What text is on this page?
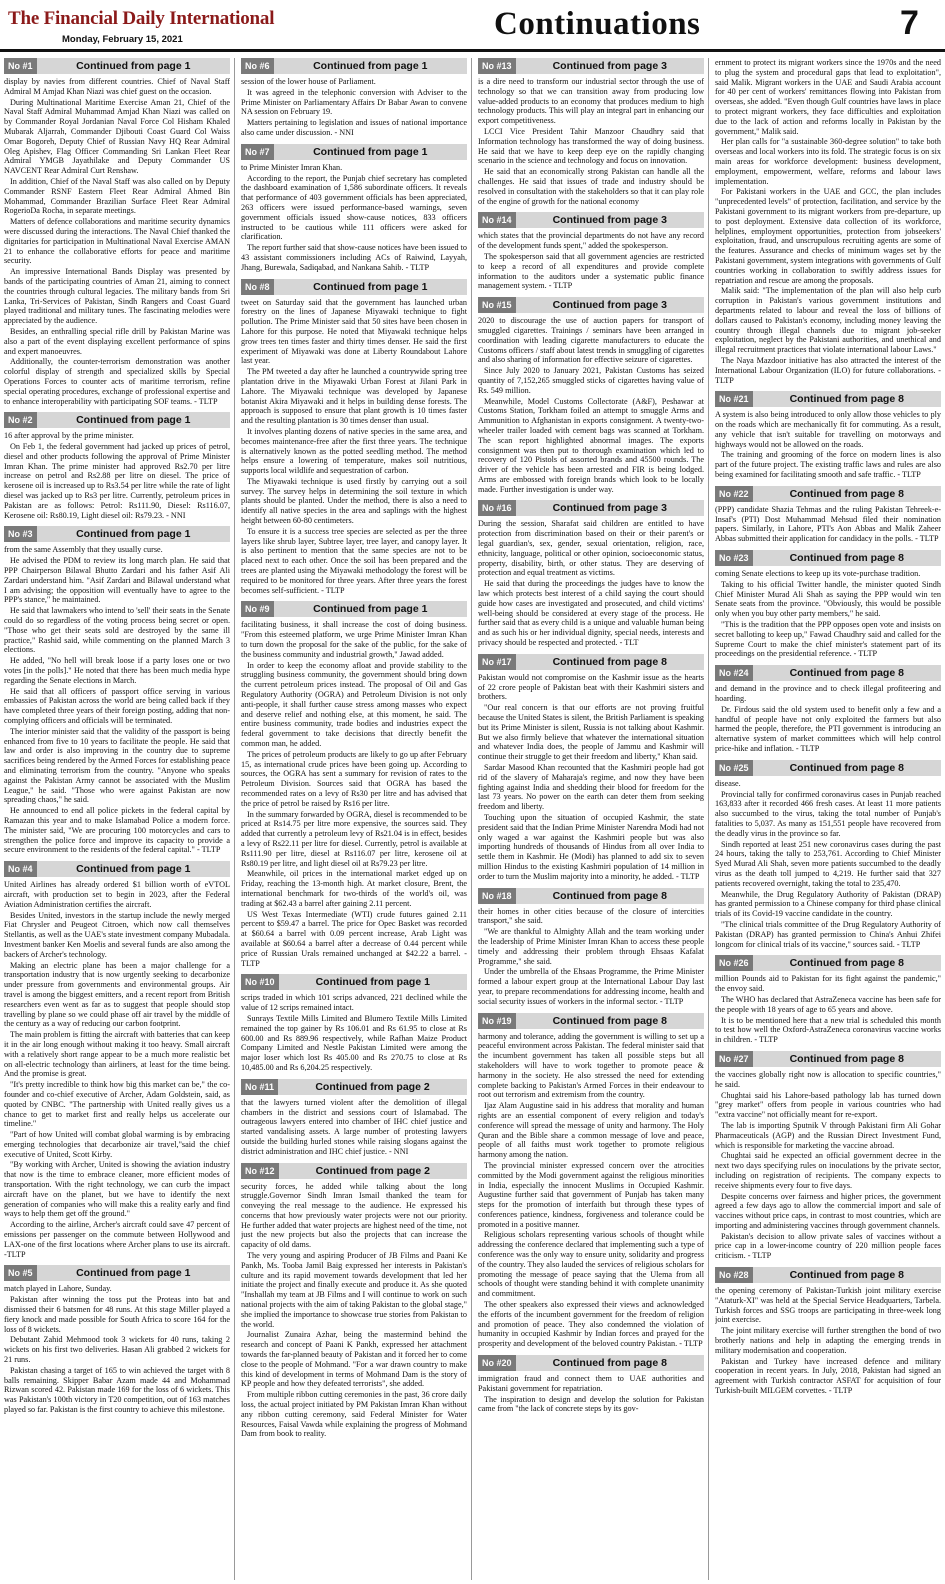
The Financial Daily International
Monday, February 15, 2021	Continuations	7
No #1	Continued from page 1

display by navies from different countries. Chief of Naval Staff Admiral M Amjad Khan Niazi was chief guest on the occasion.

During Multinational Maritime Exercise Aman 21, Chief of the Naval Staff Admiral Muhammad Amjad Khan Niazi was called on by Commander Royal Jordanian Naval Force Col Hisham Khaled Mubarak Aljarrah, Commander Djibouti Coast Guard Col Waiss Omar Bogoreh, Deputy Chief of Russian Navy HQ Rear Admiral Oleg Apishev, Flag Officer Commanding Sri Lankan Fleet Rear Admiral YMGB Jayathilake and Deputy Commander US NAVCENT Rear Admiral Curt Renshaw.

In addition, Chief of the Naval Staff was also called on by Deputy Commander RSNF Eastern Fleet Rear Admiral Ahmed Bin Mohammad, Commander Brazilian Surface Fleet Rear Admiral RogerioDa Rocha, in separate meetings.

Matters of defence collaborations and maritime security dynamics were discussed during the interactions. The Naval Chief thanked the dignitaries for participation in Multinational Naval Exercise AMAN 21 to enhance the collaborative efforts for peace and maritime security.

An impressive International Bands Display was presented by bands of the participating countries of Aman 21, aiming to connect the countries through cultural legacies. The military bands from Sri Lanka, Tri-Services of Pakistan, Sindh Rangers and Coast Guard played traditional and military tunes. The fascinating melodies were appreciated by the audience.

Besides, an enthralling special rifle drill by Pakistan Marine was also a part of the event displaying excellent performance of spins and expert manoeuvres.

Additionally, the counter-terrorism demonstration was another colorful display of strength and specialized skills by Special Operations Forces to counter acts of maritime terrorism, refine special operating procedures, exchange of professional expertise and to enhance interoperability with participating SOF teams. - TLTP

No #2	Continued from page 1

16 after approval by the prime minister.

On Feb 1, the federal government had jacked up prices of petrol, diesel and other products following the approval of Prime Minister Imran Khan. The prime minister had approved Rs2.70 per litre increase on petrol and Rs2.88 per litre on diesel. The price of kerosene oil is increased up to Rs3.54 per litre while the rate of light diesel was jacked up to Rs3 per litre. Currently, petroleum prices in Pakistan are as follows: Petrol: Rs111.90, Diesel: Rs116.07, Kerosene oil: Rs80.19, Light diesel oil: Rs79.23. - NNI

No #3	Continued from page 1

from the same Assembly that they usually curse.

He advised the PDM to review its long march plan. He said that PPP Chairperson Bilawal Bhutto Zardari and his father Asif Ali Zardari understand him. "Asif Zardari and Bilawal understand what I am advising; the opposition will eventually have to agree to the PPP's stance," he maintained.

He said that lawmakers who intend to 'sell' their seats in the Senate could do so regardless of the voting process being secret or open. "Those who get their seats sold are destroyed by the same ill practice," Rashid said, while commenting on the planned March 3 elections.

He added, "No hell will break loose if a party loses one or two votes [in the polls]." He noted that there has been much media hype regarding the Senate elections in March.

He said that all officers of passport office serving in various embassies of Pakistan across the world are being called back if they have completed three years of their foreign posting, adding that non-complying officers and officials will be terminated.

The interior minister said that the validity of the passport is being enhanced from five to 10 years to facilitate the people. He said that law and order is also improving in the country due to supreme sacrifices being rendered by the Armed Forces for establishing peace and eliminating terrorism from the country. "Anyone who speaks against the Pakistan Army cannot be associated with the Muslim League," he said. "Those who were against Pakistan are now spreading chaos," he said.

He announced to end all police pickets in the federal capital by Ramazan this year and to make Islamabad Police a modern force. The minister said, "We are procuring 100 motorcycles and cars to strengthen the police force and improve its capacity to provide a secure environment to the residents of the federal capital." - TLTP

No #4	Continued from page 1

United Airlines has already ordered $1 billion worth of eVTOL aircraft, with production set to begin in 2023, after the Federal Aviation Administration certifies the aircraft.

Besides United, investors in the startup include the newly merged Fiat Chrysler and Peugeot Citroen, which now call themselves Stellantis, as well as the UAE's state investment company Mubadala. Investment banker Ken Moelis and several funds are also among the backers of Archer's technology.

Making an electric plane has been a major challenge for a transportation industry that is now urgently seeking to decarbonize under pressure from governments and environmental groups. Air travel is among the biggest emitters, and a recent report from British researchers even went as far as to suggest that people should stop travelling by plane so we could phase off air travel by the middle of the century as a way of reducing our carbon footprint.

The main problem is fitting the aircraft with batteries that can keep it in the air long enough without making it too heavy. Small aircraft with a relatively short range appear to be a much more realistic bet on all-electric technology than airliners, at least for the time being. And the promise is great.

"It's pretty incredible to think how big this market can be," the co-founder and co-chief executive of Archer, Adam Goldstein, said, as quoted by CNBC. "The partnership with United really gives us a chance to get to market first and really helps us accelerate our timeline."

"Part of how United will combat global warming is by embracing emerging technologies that decarbonize air travel,"said the chief executive of United, Scott Kirby.

"By working with Archer, United is showing the aviation industry that now is the time to embrace cleaner, more efficient modes of transportation. With the right technology, we can curb the impact aircraft have on the planet, but we have to identify the next generation of companies who will make this a reality early and find ways to help them get off the ground."

According to the airline, Archer's aircraft could save 47 percent of emissions per passenger on the commute between Hollywood and LAX-one of the first locations where Archer plans to use its aircraft. -TLTP

No #5	Continued from page 1

match played in Lahore, Sunday.

Pakistan after winning the toss put the Proteas into bat and dismissed their 6 batsmen for 48 runs. At this stage Miller played a fiery knock and made possible for South Africa to score 164 for the loss of 8 wickets.

Debutant Zahid Mehmood took 3 wickets for 40 runs, taking 2 wickets on his first two deliveries. Hasan Ali grabbed 2 wickets for 21 runs.

Pakistan chasing a target of 165 to win achieved the target with 8 balls remaining. Skipper Babar Azam made 44 and Mohammad Rizwan scored 42. Pakistan made 169 for the loss of 6 wickets. This was Pakistan's 100th victory in T20 competition, out of 163 matches played so far. Pakistan is the first country to achieve this milestone.

No #6	Continued from page 1

session of the lower house of Parliament.

It was agreed in the telephonic conversion with Adviser to the Prime Minister on Parliamentary Affairs Dr Babar Awan to convene NA session on February 19.

Matters pertaining to legislation and issues of national importance also came under discussion. - NNI

No #7	Continued from page 1

to Prime Minister Imran Khan.

According to the report, the Punjab chief secretary has completed the dashboard examination of 1,586 subordinate officers. It reveals that performance of 403 government officials has been appreciated, 263 officers were issued performance-based warnings, seven government officials issued show-cause notices, 833 officers instructed to be cautious while 111 officers were asked for clarification.

The report further said that show-cause notices have been issued to 43 assistant commissioners including ACs of Raiwind, Layyah, Jhang, Burewala, Sadiqabad, and Nankana Sahib. - TLTP

No #8	Continued from page 1

tweet on Saturday said that the government has launched urban forestry on the lines of Japanese Miyawaki technique to fight pollution. The Prime Minister said that 50 sites have been chosen in Lahore for this purpose. He noted that Miyawaki technique helps grow trees ten times faster and thirty times denser. He said the first experiment of Miyawaki was done at Liberty Roundabout Lahore last year.

The PM tweeted a day after he launched a countrywide spring tree plantation drive in the Miyawaki Urban Forest at Jilani Park in Lahore. The Miyawaki technique was developed by Japanese botanist Akira Miyawaki and it helps in building dense forests. The approach is supposed to ensure that plant growth is 10 times faster and the resulting plantation is 30 times denser than usual.

It involves planting dozens of native species in the same area, and becomes maintenance-free after the first three years. The technique is alternatively known as the potted seedling method. The method helps ensure a lowering of temperature, makes soil nutritious, supports local wildlife and sequestration of carbon.

The Miyawaki technique is used firstly by carrying out a soil survey. The survey helps in determining the soil texture in which plants should be planted. Under the method, there is also a need to identify all native species in the area and saplings with the highest height between 60-80 centimeters.

To ensure it is a success tree species are selected as per the three layers like shrub layer, Subtree layer, tree layer, and canopy layer. It is also pertinent to mention that the same species are not to be placed next to each other. Once the soil has been prepared and the trees are planted using the Miyawaki methodology the forest will be required to be monitored for three years. After three years the forest becomes self-sufficient. - TLTP

No #9	Continued from page 1

facilitating business, it shall increase the cost of doing business. "From this esteemed platform, we urge Prime Minister Imran Khan to turn down the proposal for the sake of the public, for the sake of the business community and industrial growth," Jawad added.

In order to keep the economy afloat and provide stability to the struggling business community, the government should bring down the current petroleum prices instead. The proposal of Oil and Gas Regulatory Authority (OGRA) and Petroleum Division is not only anti-people, it shall further cause stress among masses who expect and deserve relief and nothing else, at this moment, he said. The entire business community, trade bodies and industries expect the federal government to take decisions that directly benefit the common man, he added.

The prices of petroleum products are likely to go up after February 15, as international crude prices have been going up. According to sources, the OGRA has sent a summary for revision of rates to the Petroleum Division. Sources said that OGRA has based the recommended rates on a levy of Rs30 per litre and has advised that the price of petrol be raised by Rs16 per litre.

In the summary forwarded by OGRA, diesel is recommended to be priced at Rs14.75 per litre more expensive, the sources said. They added that currently a petroleum levy of Rs21.04 is in effect, besides a levy of Rs22.11 per litre for diesel. Currently, petrol is available at Rs111.90 per litre, diesel at Rs116.07 per litre, kerosene oil at Rs80.19 per litre, and light diesel oil at Rs79.23 per litre.

Meanwhile, oil prices in the international market edged up on Friday, reaching the 13-month high. At market closure, Brent, the international benchmark for two-thirds of the world's oil, was trading at $62.43 a barrel after gaining 2.11 percent.

US West Texas Intermediate (WTI) crude futures gained 2.11 percent to $59.47 a barrel. The price for Opec Basket was recorded at $60.64 a barrel with 0.09 percent increase, Arab Light was available at $60.64 a barrel after a decrease of 0.44 percent while price of Russian Urals remained unchanged at $42.22 a barrel. - TLTP

No #10	Continued from page 1

scrips traded in which 101 scrips advanced, 221 declined while the value of 12 scrips remained intact.

Sunrays Textile Mills Limited and Blumero Textile Mills Limited remained the top gainer by Rs 106.01 and Rs 61.95 to close at Rs 600.00 and Rs 889.96 respectively, while Rafhan Maize Product Company Limited and Nestle Pakistan Limited were among the major loser which lost Rs 405.00 and Rs 270.75 to close at Rs 10,485.00 and Rs 6,204.25 respectively.

No #11	Continued from page 2

that the lawyers turned violent after the demolition of illegal chambers in the district and sessions court of Islamabad. The outrageous lawyers entered into chamber of IHC chief justice and started vandalising assets. A large number of protesting lawyers outside the building hurled stones while raising slogans against the district administration and IHC chief justice. - NNI

No #12	Continued from page 2

security forces, he added while talking about the long struggle.Governor Sindh Imran Ismail thanked the team for conveying the real message to the audience. He expressed his concerns that how previously water projects were not our priority. He further added that water projects are highest need of the time, not just the new projects but also the projects that can increase the capacity of old dams.

The very young and aspiring Producer of JB Films and Paani Ke Pankh, Ms. Tooba Jamil Baig expressed her interests in Pakistan's culture and its rapid movement towards development that led her initiate the project and finally execute and produce it. As she quoted "Inshallah my team at JB Films and I will continue to work on such national projects with the aim of taking Pakistan to the global stage," she implied the importance to showcase true stories from Pakistan to the world.

Journalist Zunaira Azhar, being the mastermind behind the research and concept of Paani K Pankh, expressed her attachment towards the far-planned beauty of Pakistan and it forced her to come close to the people of Mohmand. "For a war drawn country to make this kind of development in terms of Mohmand Dam is the story of KP people and how they defeated terrorists", she added.

From multiple ribbon cutting ceremonies in the past, 36 crore daily loss, the actual project initiated by PM Pakistan Imran Khan without any ribbon cutting ceremony, said Federal Minister for Water Resources, Faisal Vawda while explaining the progress of Mohmand Dam from book to reality.

No #13	Continued from page 3

is a dire need to transform our industrial sector through the use of technology so that we can transition away from producing low value-added products to an economy that produces medium to high technology products. This will play an integral part in enhancing our export competitiveness.

LCCI Vice President Tahir Manzoor Chaudhry said that Information technology has transformed the way of doing business. He said that we have to keep deep eye on the rapidly changing scenario in the science and technology and focus on innovation.

He said that an economically strong Pakistan can handle all the challenges. He said that issues of trade and industry should be resolved in consultation with the stakeholders so that it can play role of the engine of growth for the national economy

No #14	Continued from page 3

which states that the provincial departments do not have any record of the development funds spent," added the spokesperson.

The spokesperson said that all government agencies are restricted to keep a record of all expenditures and provide complete information to the auditors under a systematic public finance management system. - TLTP

No #15	Continued from page 3

2020 to discourage the use of auction papers for transport of smuggled cigarettes. Trainings / seminars have been arranged in coordination with leading cigarette manufacturers to educate the Customs officers / staff about latest trends in smuggling of cigarettes and also sharing of information for effective seizure of cigarettes.

Since July 2020 to January 2021, Pakistan Customs has seized quantity of 7,152,265 smuggled sticks of cigarettes having value of Rs. 549 million.

Meanwhile, Model Customs Collectorate (A&F), Peshawar at Customs Station, Torkham foiled an attempt to smuggle Arms and Ammunition to Afghanistan in exports consignment. A twenty-two-wheeler trailer loaded with cement bags was scanned at Torkham. The scan report highlighted abnormal images. The exports consignment was then put to thorough examination which led to recovery of 120 Pistols of assorted brands and 45500 rounds. The driver of the vehicle has been arrested and FIR is being lodged. Arms are embossed with foreign brands which look to be locally made. Further investigation is under way.

No #16	Continued from page 3

During the session, Sharafat said children are entitled to have protection from discrimination based on their or their parent's or legal guardian's, sex, gender, sexual orientation, religion, race, ethnicity, language, political or other opinion, socioeconomic status, property, disability, birth, or other status. They are deserving of protection and equal treatment as victims.

He said that during the proceedings the judges have to know the law which protects best interest of a child saying the court should guide how cases are investigated and prosecuted, and child victims' well-being should be considered at every stage of the process. He further said that as every child is a unique and valuable human being and as such his or her individual dignity, special needs, interests and privacy should be respected and protected. - TLT

No #17	Continued from page 8

Pakistan would not compromise on the Kashmir issue as the hearts of 22 crore people of Pakistan beat with their Kashmiri sisters and brothers.

"Our real concern is that our efforts are not proving fruitful because the United States is silent, the British Parliament is speaking but its Prime Minister is silent, Russia is not talking about Kashmir. But we also firmly believe that whatever the international situation and whatever India does, the people of Jammu and Kashmir will continue their struggle to get their freedom and liberty," Khan said.

Sardar Masood Khan recounted that the Kashmiri people had got rid of the slavery of Maharaja's regime, and now they have been fighting against India and shedding their blood for freedom for the last 73 years. No power on the earth can deter them from seeking freedom and liberty.

Touching upon the situation of occupied Kashmir, the state president said that the Indian Prime Minister Narendra Modi had not only waged a war against the Kashmiri people but was also importing hundreds of thousands of Hindus from all over India to settle them in Kashmir. He (Modi) has planned to add six to seven million Hindus to the existing Kashmiri population of 14 million in order to turn the Muslim majority into a minority, he added. - TLTP

No #18	Continued from page 8

their homes in other cities because of the closure of intercities transport," she said.

"We are thankful to Almighty Allah and the team working under the leadership of Prime Minister Imran Khan to access these people timely and addressing their problem through Ehsaas Kafalat Programme," she said.

Under the umbrella of the Ehsaas Programme, the Prime Minister formed a labour expert group at the International Labour Day last year, to prepare recommendations for addressing income, health and social security issues of workers in the informal sector. - TLTP

No #19	Continued from page 8

harmony and tolerance, adding the government is willing to set up a peaceful environment across Pakistan. The federal minister said that the incumbent government has taken all possible steps but all stakeholders will have to work together to promote peace & harmony in the society. He also stressed the need for extending complete backing to Pakistan's Armed Forces in their endeavour to root out terrorism and extremism from the country.

Ijaz Alam Augustine said in his address that morality and human rights are an essential component of every religion and today's conference will spread the message of unity and harmony. The Holy Quran and the Bible share a common message of love and peace, people of all faiths must work together to promote religious harmony among the nation.

The provincial minister expressed concern over the atrocities committed by the Modi government against the religious minorities in India, especially the innocent Muslims in Occupied Kashmir. Augustine further said that government of Punjab has taken many steps for the promotion of interfaith but through these types of conferences patience, kindness, forgiveness and tolerance could be promoted in a positive manner.

Religious scholars representing various schools of thought while addressing the conference declared that implementing such a type of conference was the only way to ensure unity, solidarity and progress of the country. They also lauded the services of religious scholars for promoting the message of peace saying that the Ulema from all schools of thought were standing behind it with complete unanimity and commitment.

The other speakers also expressed their views and acknowledged the efforts of the incumbent government for the freedom of religion and promotion of peace. They also condemned the violation of humanity in occupied Kashmir by Indian forces and prayed for the prosperity and development of the beloved country Pakistan. - TLTP

No #20	Continued from page 8

immigration fraud and connect them to UAE authorities and Pakistani government for repatriation.

The inspiration to design and develop the solution for Pakistan came from "the lack of concrete steps by its gov-

ernment to protect its migrant workers since the 1970s and the need to plug the system and procedural gaps that lead to exploitation", said Malik. Migrant workers in the UAE and Saudi Arabia account for 40 per cent of workers' remittances flowing into Pakistan from overseas, she added. "Even though Gulf countries have laws in place to protect migrant workers, they face difficulties and exploitation due to the lack of action and reforms locally in Pakistan by the government," Malik said.

Her plan calls for "a sustainable 360-degree solution" to take both overseas and local workers into its fold. The strategic focus is on six main areas for workforce development: business development, employment, empowerment, welfare, reforms and labour laws implementation.

For Pakistani workers in the UAE and GCC, the plan includes "unprecedented levels" of protection, facilitation, and service by the Pakistani government to its migrant workers from pre-departure, up to post deployment. Extensive data collection of its workforce, helplines, employment opportunities, protection from jobseekers' exploitation, fraud, and unscrupulous recruiting agents are some of the features. Assurance and checks of minimum wages set by the Pakistani government, system integrations with governments of Gulf countries working in collaboration to swiftly address issues for repatriation and rescue are among the proposals.

Malik said: "The implementation of the plan will also help curb corruption in Pakistan's various government institutions and departments related to labour and reveal the loss of billions of dollars caused to Pakistan's economy, including money leaving the country through illegal channels due to migrant job-seeker exploitation, neglect by the Pakistani authorities, and unethical and illegal recruitment practices that violate international labour Laws."

The Naya Mazdoor initiative has also attracted the interest of the International Labour Organization (ILO) for future collaborations. - TLTP

No #21	Continued from page 8

A system is also being introduced to only allow those vehicles to ply on the roads which are mechanically fit for commuting. As a result, any vehicle that isn't suitable for travelling on motorways and highways would not be allowed on the roads.

The training and grooming of the force on modern lines is also part of the future project. The existing traffic laws and rules are also being examined for facilitating smooth and safe traffic. - TLTP

No #22	Continued from page 8

(PPP) candidate Shazia Tehmas and the ruling Pakistan Tehreek-e-Insaf's (PTI) Dost Muhammad Mehsud filed their nomination papers. Similarly, in Lahore, PTI's Aon Abbas and Malik Zaheer Abbas submitted their application for candidacy in the polls. - TLTP

No #23	Continued from page 8

coming Senate elections to keep up its vote-purchase tradition.

Taking to his official Twitter handle, the minister quoted Sindh Chief Minister Murad Ali Shah as saying the PPP would win ten Senate seats from the province. "Obviously, this would be possible only when you buy other party members," he said.

"This is the tradition that the PPP opposes open vote and insists on secret balloting to keep up," Fawad Chaudhry said and called for the Supreme Court to make the chief minister's statement part of its proceedings on the presidential reference. - TLTP

No #24	Continued from page 8

and demand in the province and to check illegal profiteering and hoarding.

Dr. Firdous said the old system used to benefit only a few and a handful of people have not only exploited the farmers but also harmed the people, therefore, the PTI government is introducing an alternative system of market committees which will help control price-hike and inflation. - TLTP

No #25	Continued from page 8

disease.

Provincial tally for confirmed coronavirus cases in Punjab reached 163,833 after it recorded 466 fresh cases. At least 11 more patients also succumbed to the virus, taking the total number of Punjab's fatalities to 5,037. As many as 151,551 people have recovered from the deadly virus in the province so far.

Sindh reported at least 251 new coronavirus cases during the past 24 hours, taking the tally to 253,761. According to Chief Minister Syed Murad Ali Shah, seven more patients succumbed to the deadly virus as the death toll jumped to 4,219. He further said that 327 patients recovered overnight, taking the total to 235,470.

Meanwhile, the Drug Regulatory Authority of Pakistan (DRAP) has granted permission to a Chinese company for third phase clinical trials of its Covid-19 vaccine candidate in the country.

"The clinical trials committee of the Drug Regulatory Authority of Pakistan (DRAP) has granted permission to China's Anhui Zhifei longcom for clinical trials of its vaccine," sources said. - TLTP

No #26	Continued from page 8

million Pounds aid to Pakistan for its fight against the pandemic," the envoy said.

The WHO has declared that AstraZeneca vaccine has been safe for the people with 18 years of age to 65 years and above.

It is to be mentioned here that a new trial is scheduled this month to test how well the Oxford-AstraZeneca coronavirus vaccine works in children. - TLTP

No #27	Continued from page 8

the vaccines globally right now is allocation to specific countries," he said.

Chughtai said his Lahore-based pathology lab has turned down "grey market" offers from people in various countries who had "extra vaccine" not officially meant for re-export.

The lab is importing Sputnik V through Pakistani firm Ali Gohar Pharmaceuticals (AGP) and the Russian Direct Investment Fund, which is responsible for marketing the vaccine abroad.

Chughtai said he expected an official government decree in the next two days specifying rules on inoculations by the private sector, including on registration of recipients. The company expects to receive shipments every four to five days.

Despite concerns over fairness and higher prices, the government agreed a few days ago to allow the commercial import and sale of vaccines without price caps, in contrast to most countries, which are importing and administering vaccines through government channels.

Pakistan's decision to allow private sales of vaccines without a price cap in a lower-income country of 220 million people faces criticism. - TLTP

No #28	Continued from page 8

the opening ceremony of Pakistan-Turkish joint military exercise "Ataturk-XI" was held at the Special Service Headquarters, Tarbela. Turkish forces and SSG troops are participating in three-week long joint exercise.

The joint military exercise will further strengthen the bond of two brotherly nations and help in adapting the emerging trends in military modernisation and cooperation.

Pakistan and Turkey have increased defence and military cooperation in recent years. In July, 2018, Pakistan had signed an agreement with Turkish contractor ASFAT for acquisition of four Turkish-built MILGEM corvettes. - TLTP
